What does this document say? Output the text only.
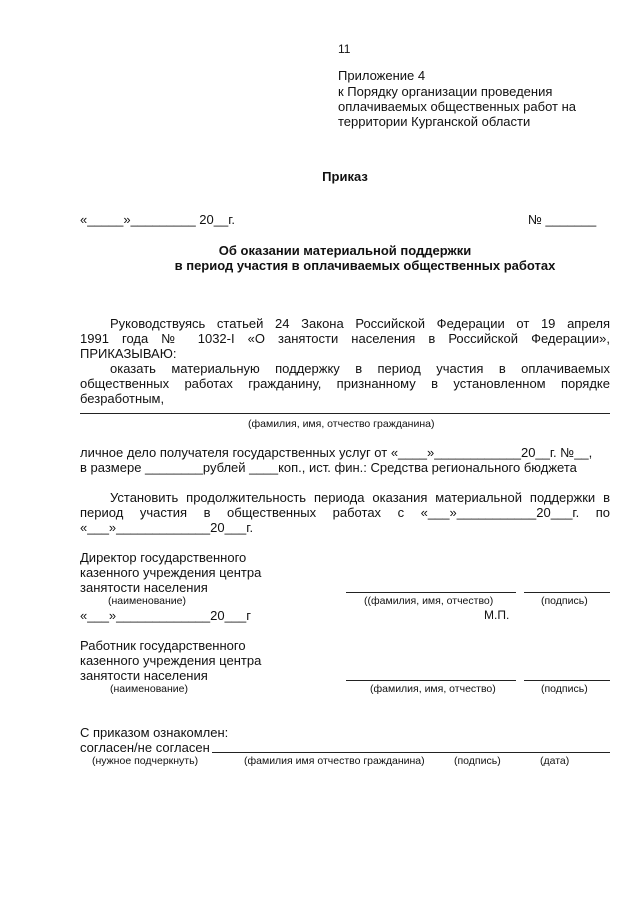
11
Приложение 4
к Порядку организации проведения
оплачиваемых общественных работ на
территории Курганской области
Приказ
«_____»_________ 20__г.	№ _______
Об оказании материальной поддержки
в период участия в оплачиваемых общественных работах
Руководствуясь статьей 24 Закона Российской Федерации от 19 апреля
1991 года № 1032-I «О занятости населения в Российской Федерации»,
ПРИКАЗЫВАЮ:
оказать материальную поддержку в период участия в оплачиваемых
общественных работах гражданину, признанному в установленном порядке
безработным,
(фамилия, имя, отчество гражданина)
личное дело получателя государственных услуг от «____»____________20__г. №__,
в размере ________рублей ____коп., ист. фин.: Средства регионального бюджета
Установить продолжительность периода оказания материальной поддержки в
период участия в общественных работах с «___»___________20___г. по
«___»_____________20___г.
Директор государственного
казенного учреждения центра
занятости населения
(наименование)	((фамилия, имя, отчество)	(подпись)
«___»_____________20___г	М.П.
Работник государственного
казенного учреждения центра
занятости населения
(наименование)	(фамилия, имя, отчество)	(подпись)
С приказом ознакомлен:
согласен/не согласен
(нужное подчеркнуть)	(фамилия имя отчество гражданина)	(подпись)	(дата)
